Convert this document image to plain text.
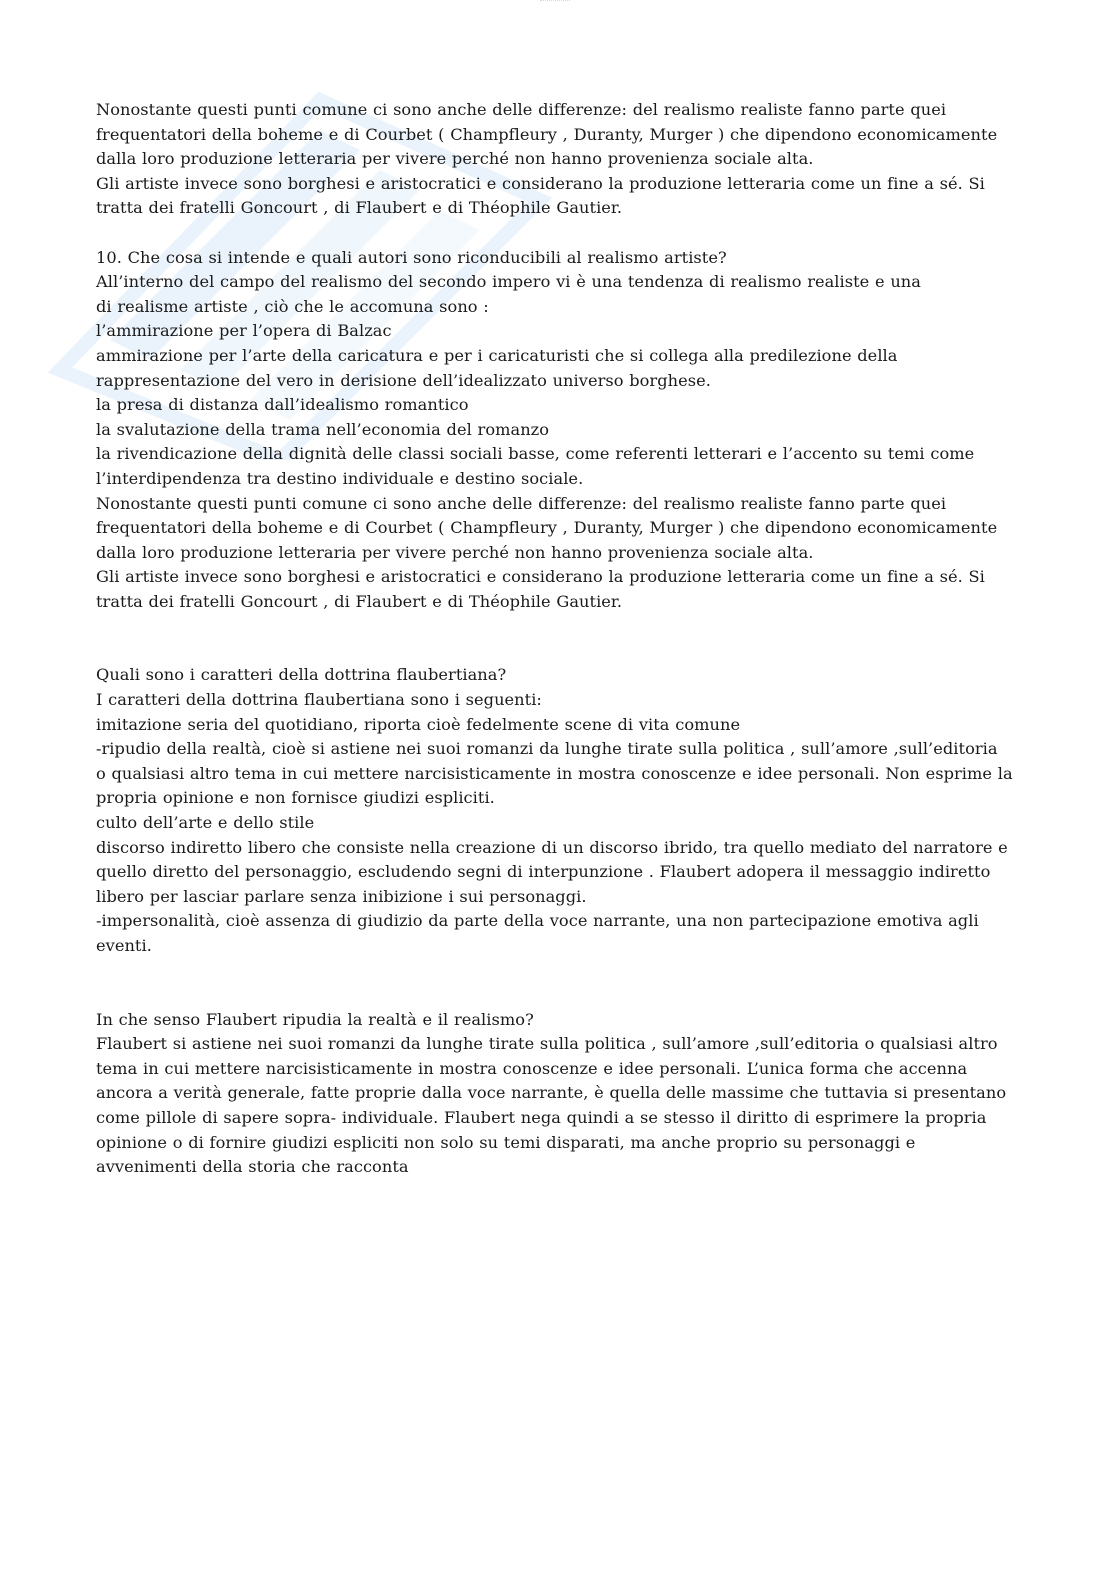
Nonostante questi punti comune ci sono anche delle differenze: del realismo realiste fanno parte quei
frequentatori della boheme e di Courbet ( Champfleury , Duranty, Murger ) che dipendono economicamente
dalla loro produzione letteraria per vivere perché non hanno provenienza sociale alta.
Gli artiste invece sono borghesi e aristocratici e considerano la produzione letteraria come un fine a sé. Si
tratta dei fratelli Goncourt , di Flaubert e di Théophile Gautier.
10. Che cosa si intende e quali autori sono riconducibili al realismo artiste?
All’interno del campo del realismo del secondo impero vi è una tendenza di realismo realiste e una
di realisme artiste , ciò che le accomuna sono :
l’ammirazione per l’opera di Balzac
ammirazione per l’arte della caricatura e per i caricaturisti che si collega alla predilezione della
rappresentazione del vero in derisione dell’idealizzato universo borghese.
la presa di distanza dall’idealismo romantico
la svalutazione della trama nell’economia del romanzo
la rivendicazione della dignità delle classi sociali basse, come referenti letterari e l’accento su temi come
l’interdipendenza tra destino individuale e destino sociale.
Nonostante questi punti comune ci sono anche delle differenze: del realismo realiste fanno parte quei
frequentatori della boheme e di Courbet ( Champfleury , Duranty, Murger ) che dipendono economicamente
dalla loro produzione letteraria per vivere perché non hanno provenienza sociale alta.
Gli artiste invece sono borghesi e aristocratici e considerano la produzione letteraria come un fine a sé. Si
tratta dei fratelli Goncourt , di Flaubert e di Théophile Gautier.
Quali sono i caratteri della dottrina flaubertiana?
I caratteri della dottrina flaubertiana sono i seguenti:
imitazione seria del quotidiano, riporta cioè fedelmente scene di vita comune
-ripudio della realtà, cioè si astiene nei suoi romanzi da lunghe tirate sulla politica , sull’amore ,sull’editoria
o qualsiasi altro tema in cui mettere narcisisticamente in mostra conoscenze e idee personali. Non esprime la
propria opinione e non fornisce giudizi espliciti.
culto dell’arte e dello stile
discorso indiretto libero che consiste nella creazione di un discorso ibrido, tra quello mediato del narratore e
quello diretto del personaggio, escludendo segni di interpunzione . Flaubert adopera il messaggio indiretto
libero per lasciar parlare senza inibizione i sui personaggi.
-impersonalità, cioè assenza di giudizio da parte della voce narrante, una non partecipazione emotiva agli
eventi.
In che senso Flaubert ripudia la realtà e il realismo?
Flaubert si astiene nei suoi romanzi da lunghe tirate sulla politica , sull’amore ,sull’editoria o qualsiasi altro
tema in cui mettere narcisisticamente in mostra conoscenze e idee personali. L’unica forma che accenna
ancora a verità generale, fatte proprie dalla voce narrante, è quella delle massime che tuttavia si presentano
come pillole di sapere sopra- individuale. Flaubert nega quindi a se stesso il diritto di esprimere la propria
opinione o di fornire giudizi espliciti non solo su temi disparati, ma anche proprio su personaggi e
avvenimenti della storia che racconta
